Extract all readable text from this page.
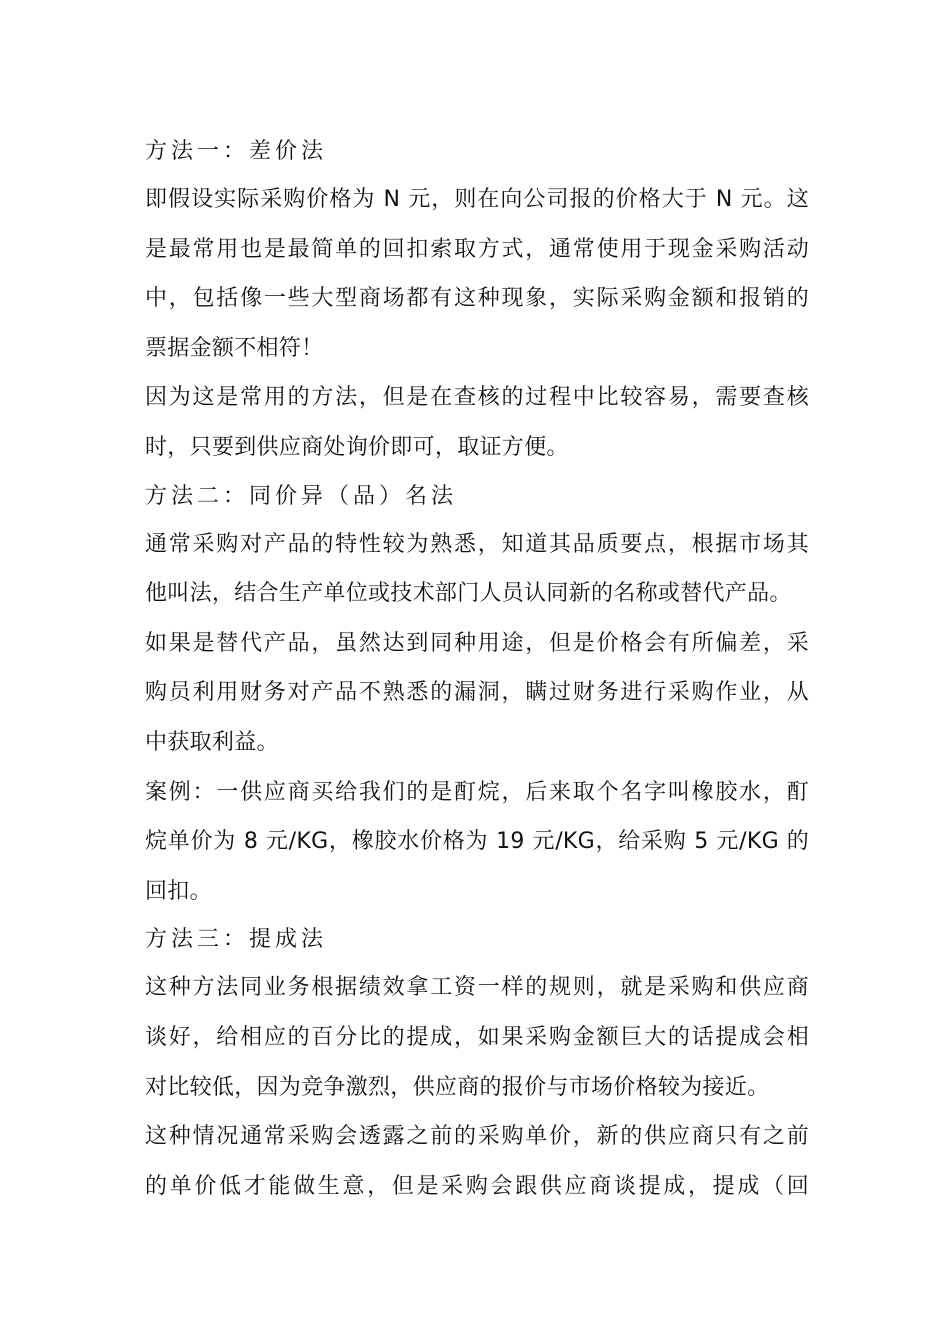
方法一：差价法

即假设实际采购价格为 N 元，则在向公司报的价格大于 N 元。这
是最常用也是最简单的回扣索取方式，通常使用于现金采购活动
中，包括像一些大型商场都有这种现象，实际采购金额和报销的
票据金额不相符！

因为这是常用的方法，但是在查核的过程中比较容易，需要查核
时，只要到供应商处询价即可，取证方便。

方法二：同价异（品）名法

通常采购对产品的特性较为熟悉，知道其品质要点，根据市场其
他叫法，结合生产单位或技术部门人员认同新的名称或替代产品。

如果是替代产品，虽然达到同种用途，但是价格会有所偏差，采
购员利用财务对产品不熟悉的漏洞，瞒过财务进行采购作业，从
中获取利益。

案例：一供应商买给我们的是酊烷，后来取个名字叫橡胶水，酊
烷单价为 8 元/KG，橡胶水价格为 19 元/KG，给采购 5 元/KG 的
回扣。

方法三：提成法

这种方法同业务根据绩效拿工资一样的规则，就是采购和供应商
谈好，给相应的百分比的提成，如果采购金额巨大的话提成会相
对比较低，因为竞争激烈，供应商的报价与市场价格较为接近。

这种情况通常采购会透露之前的采购单价，新的供应商只有之前
的单价低才能做生意，但是采购会跟供应商谈提成，提成（回
